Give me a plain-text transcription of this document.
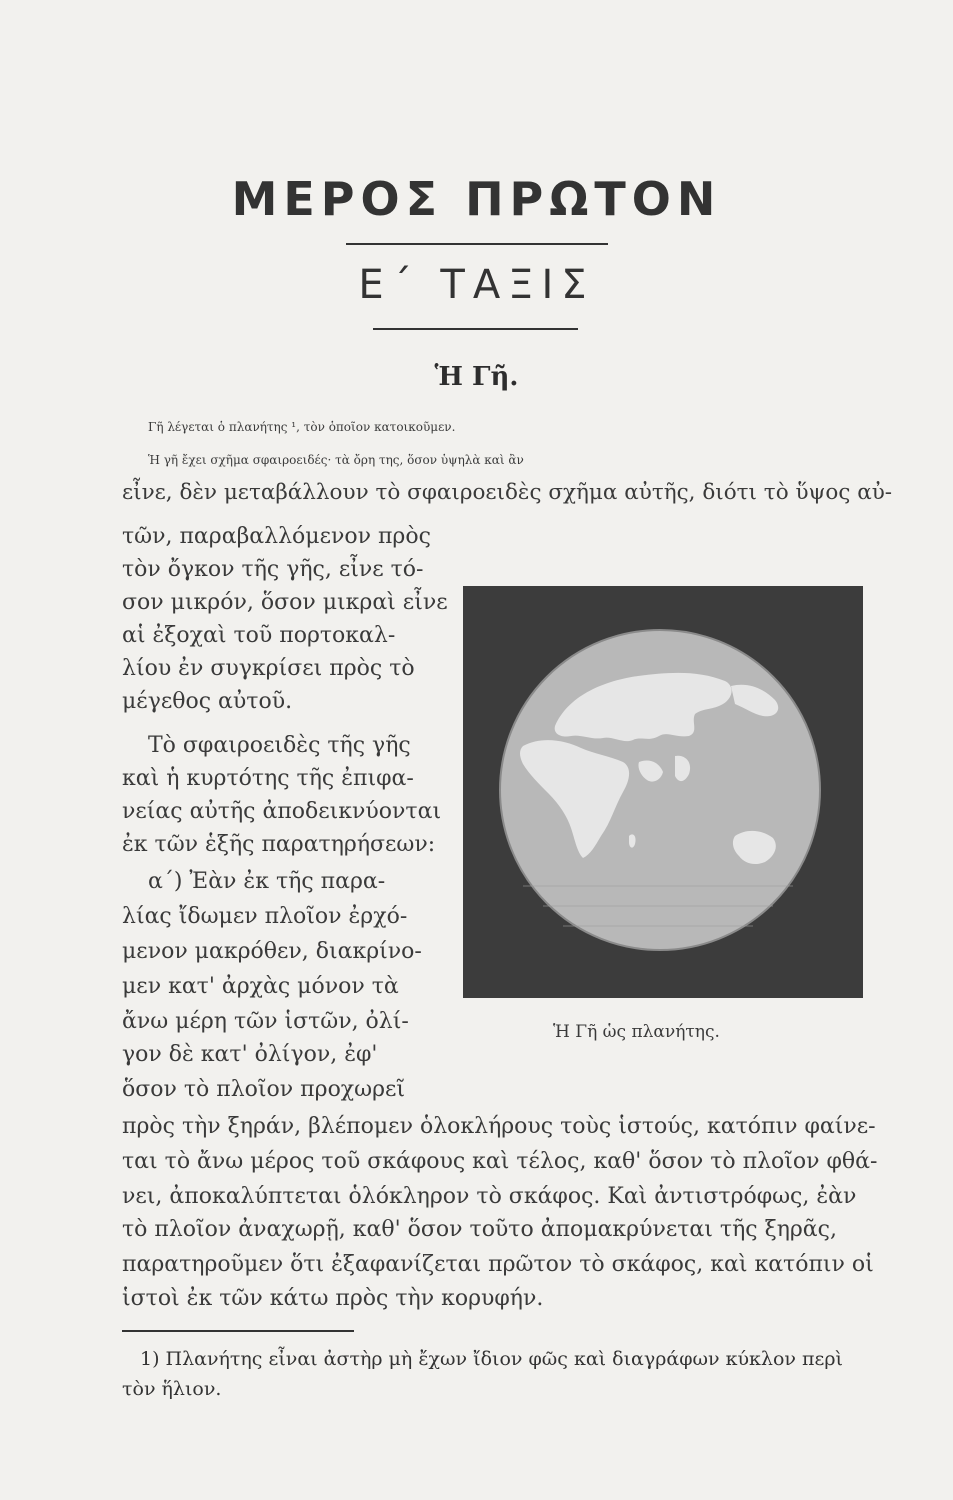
ΜΕΡΟΣ ΠΡΩΤΟΝ
Ε΄ ΤΑΞΙΣ
Ἡ Γῆ.
Γῆ λέγεται ὁ πλανήτης ¹, τὸν ὁποῖον κατοικοῦμεν.
Ἡ γῆ ἔχει σχῆμα σφαιροειδές· τὰ ὄρη της, ὅσον ὑψηλὰ καὶ ἂν
εἶνε, δὲν μεταβάλλουν τὸ σφαιροειδὲς σχῆμα αὐτῆς, διότι τὸ ὕψος αὐ-
τῶν, παραβαλλόμενον πρὸς
τὸν ὄγκον τῆς γῆς, εἶνε τό-
σον μικρόν, ὅσον μικραὶ εἶνε
αἱ ἐξοχαὶ τοῦ πορτοκαλ-
λίου ἐν συγκρίσει πρὸς τὸ
μέγεθος αὐτοῦ.
Τὸ σφαιροειδὲς τῆς γῆς
καὶ ἡ κυρτότης τῆς ἐπιφα-
νείας αὐτῆς ἀποδεικνύονται
ἐκ τῶν ἑξῆς παρατηρήσεων:
α΄) Ἐὰν ἐκ τῆς παρα-
λίας ἴδωμεν πλοῖον ἐρχό-
μενον μακρόθεν, διακρίνο-
μεν κατ' ἀρχὰς μόνον τὰ
ἄνω μέρη τῶν ἱστῶν, ὀλί-
γον δὲ κατ' ὀλίγον, ἐφ'
ὅσον τὸ πλοῖον προχωρεῖ
πρὸς τὴν ξηράν, βλέπομεν ὁλοκλήρους τοὺς ἱστούς, κατόπιν φαίνε-
ται τὸ ἄνω μέρος τοῦ σκάφους καὶ τέλος, καθ' ὅσον τὸ πλοῖον φθά-
νει, ἀποκαλύπτεται ὁλόκληρον τὸ σκάφος. Καὶ ἀντιστρόφως, ἐὰν
τὸ πλοῖον ἀναχωρῇ, καθ' ὅσον τοῦτο ἀπομακρύνεται τῆς ξηρᾶς,
παρατηροῦμεν ὅτι ἐξαφανίζεται πρῶτον τὸ σκάφος, καὶ κατόπιν οἱ
ἱστοὶ ἐκ τῶν κάτω πρὸς τὴν κορυφήν.
Ἡ Γῆ ὡς πλανήτης.
1) Πλανήτης εἶναι ἀστὴρ μὴ ἔχων ἴδιον φῶς καὶ διαγράφων κύκλον περὶ
τὸν ἥλιον.
